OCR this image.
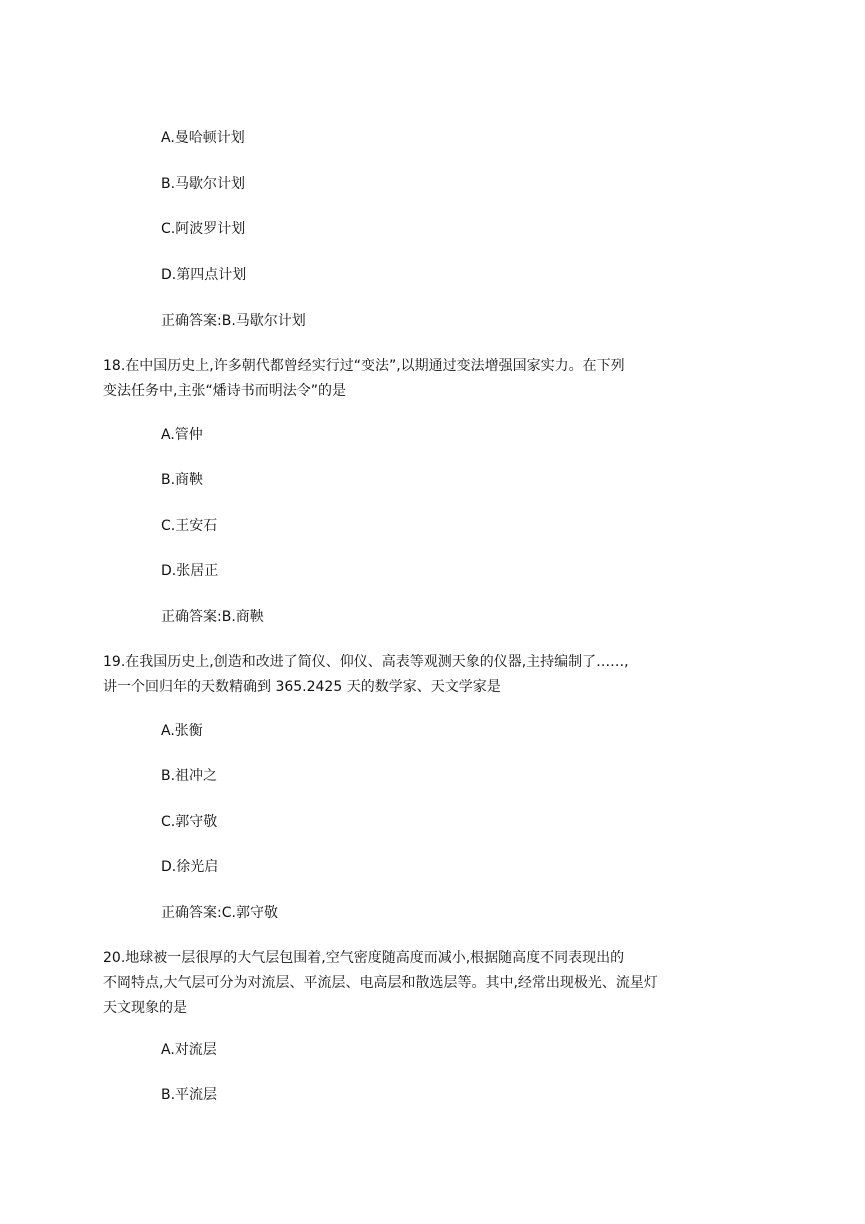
A.曼哈顿计划
B.马歇尔计划
C.阿波罗计划
D.第四点计划
正确答案:B.马歇尔计划
18.在中国历史上,许多朝代都曾经实行过“变法”,以期通过变法增强国家实力。在下列
变法任务中,主张“燔诗书而明法令”的是
A.管仲
B.商鞅
C.王安石
D.张居正
正确答案:B.商鞅
19.在我国历史上,创造和改进了简仪、仰仪、高表等观测天象的仪器,主持编制了……,
讲一个回归年的天数精确到 365.2425 天的数学家、天文学家是
A.张衡
B.祖冲之
C.郭守敬
D.徐光启
正确答案:C.郭守敬
20.地球被一层很厚的大气层包围着,空气密度随高度而减小,根据随高度不同表现出的
不岡特点,大气层可分为对流层、平流层、电高层和散选层等。其中,经常出现极光、流星灯
天文现象的是
A.对流层
B.平流层
